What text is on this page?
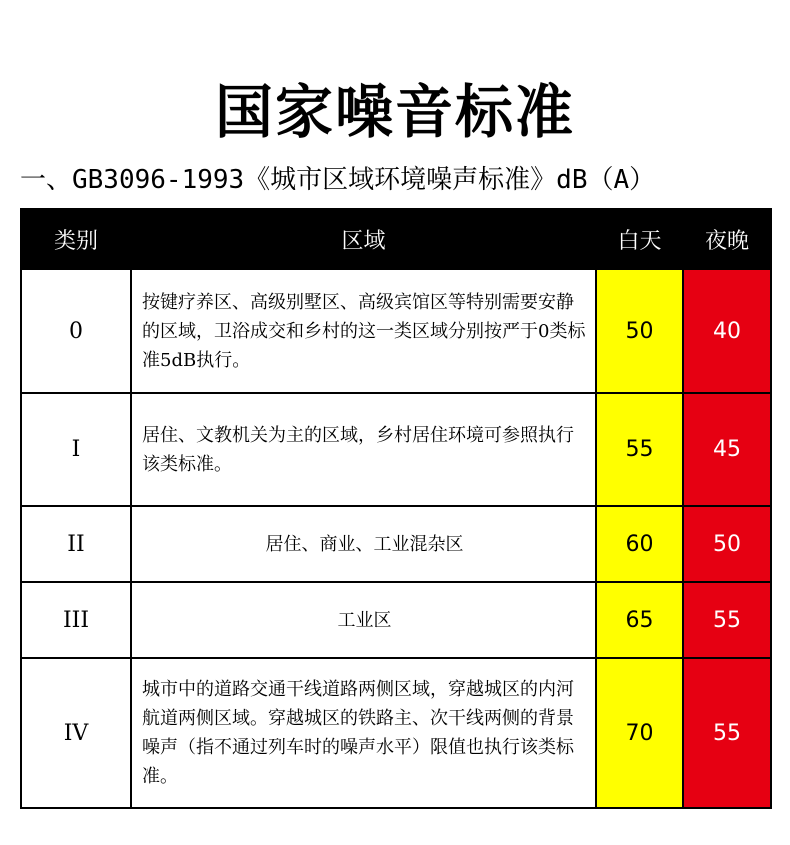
国家噪音标准
一、GB3096-1993《城市区域环境噪声标准》dB（A）
类别	区域	白天	夜晚
0	按键疗养区、高级别墅区、高级宾馆区等特别需要安静的区域，卫浴成交和乡村的这一类区域分别按严于0类标准5dB执行。	50	40
I	居住、文教机关为主的区域，乡村居住环境可参照执行该类标准。	55	45
II	居住、商业、工业混杂区	60	50
III	工业区	65	55
IV	城市中的道路交通干线道路两侧区域，穿越城区的内河航道两侧区域。穿越城区的铁路主、次干线两侧的背景噪声（指不通过列车时的噪声水平）限值也执行该类标准。	70	55
